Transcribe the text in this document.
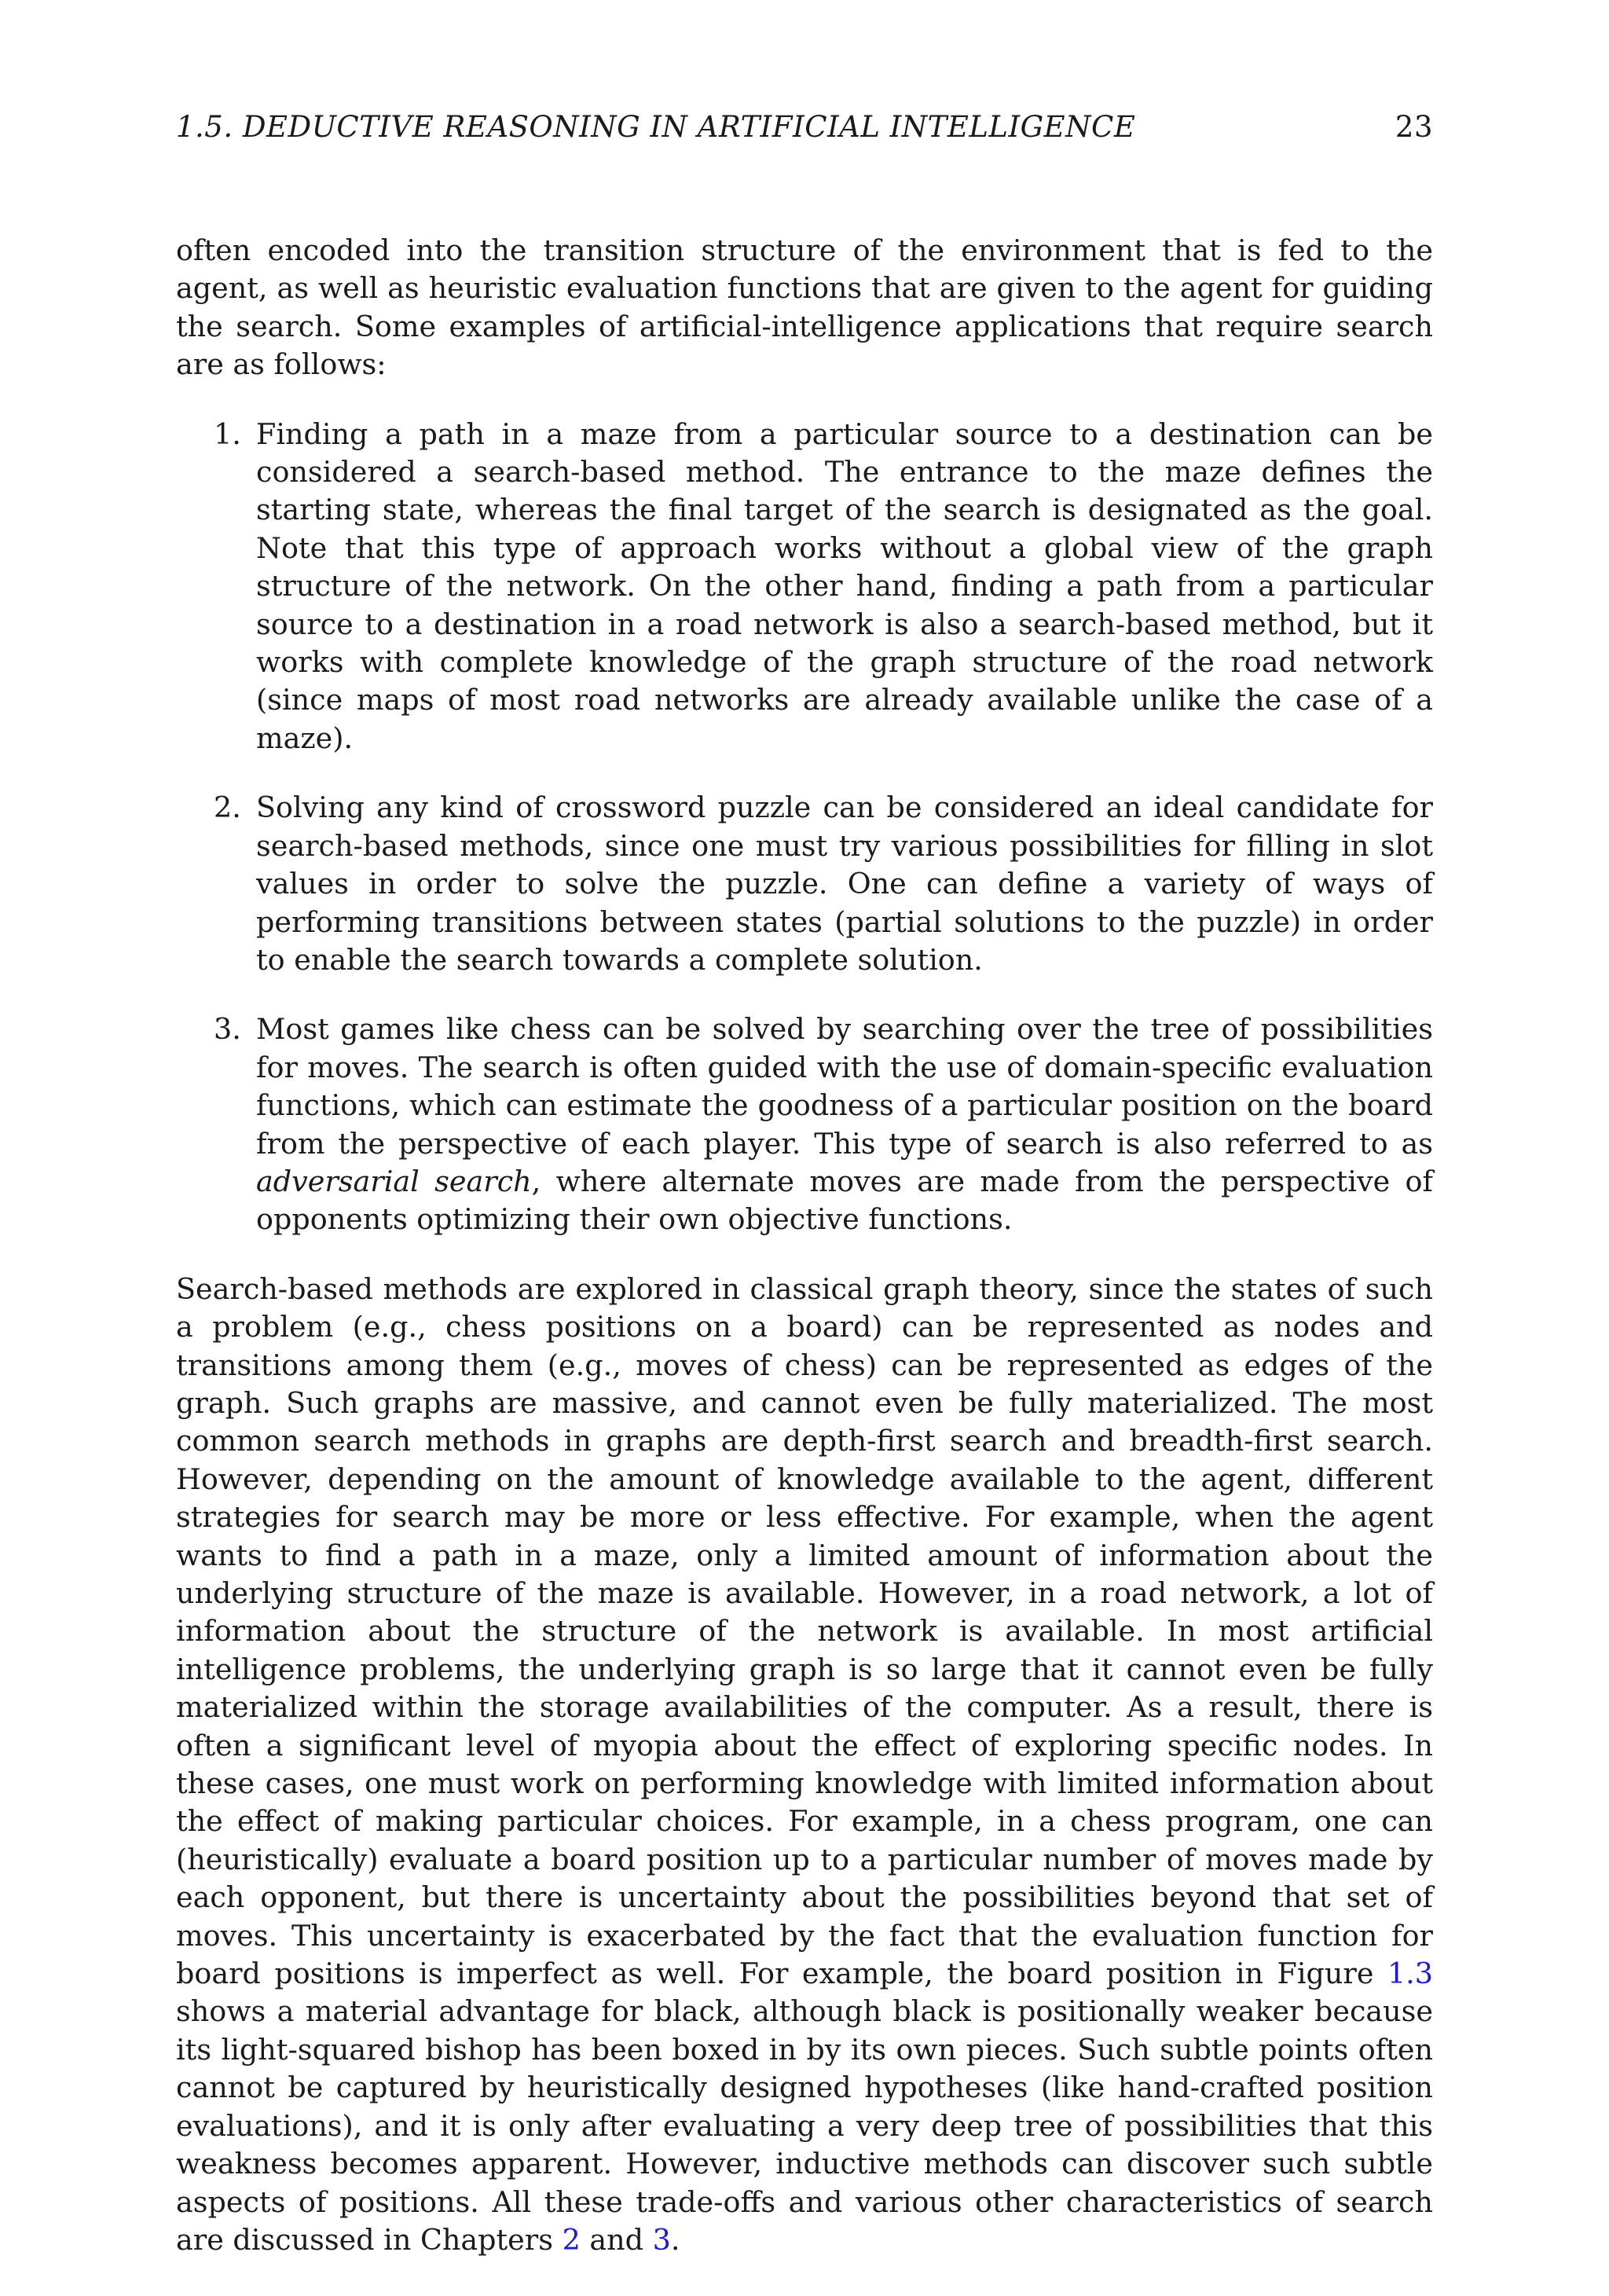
1.5. DEDUCTIVE REASONING IN ARTIFICIAL INTELLIGENCE	23

often encoded into the transition structure of the environment that is fed to the agent, as well as heuristic evaluation functions that are given to the agent for guiding the search. Some examples of artificial-intelligence applications that require search are as follows:

1. Finding a path in a maze from a particular source to a destination can be considered a search-based method. The entrance to the maze defines the starting state, whereas the final target of the search is designated as the goal. Note that this type of approach works without a global view of the graph structure of the network. On the other hand, finding a path from a particular source to a destination in a road network is also a search-based method, but it works with complete knowledge of the graph structure of the road network (since maps of most road networks are already available unlike the case of a maze).
2. Solving any kind of crossword puzzle can be considered an ideal candidate for search-based methods, since one must try various possibilities for filling in slot values in order to solve the puzzle. One can define a variety of ways of performing transitions between states (partial solutions to the puzzle) in order to enable the search towards a complete solution.
3. Most games like chess can be solved by searching over the tree of possibilities for moves. The search is often guided with the use of domain-specific evaluation functions, which can estimate the goodness of a particular position on the board from the perspective of each player. This type of search is also referred to as adversarial search, where alternate moves are made from the perspective of opponents optimizing their own objective functions.

Search-based methods are explored in classical graph theory, since the states of such a problem (e.g., chess positions on a board) can be represented as nodes and transitions among them (e.g., moves of chess) can be represented as edges of the graph. Such graphs are massive, and cannot even be fully materialized. The most common search methods in graphs are depth-first search and breadth-first search. However, depending on the amount of knowledge available to the agent, different strategies for search may be more or less effective. For example, when the agent wants to find a path in a maze, only a limited amount of information about the underlying structure of the maze is available. However, in a road network, a lot of information about the structure of the network is available. In most artificial intelligence problems, the underlying graph is so large that it cannot even be fully materialized within the storage availabilities of the computer. As a result, there is often a significant level of myopia about the effect of exploring specific nodes. In these cases, one must work on performing knowledge with limited information about the effect of making particular choices. For example, in a chess program, one can (heuristically) evaluate a board position up to a particular number of moves made by each opponent, but there is uncertainty about the possibilities beyond that set of moves. This uncertainty is exacerbated by the fact that the evaluation function for board positions is imperfect as well. For example, the board position in Figure 1.3 shows a material advantage for black, although black is positionally weaker because its light-squared bishop has been boxed in by its own pieces. Such subtle points often cannot be captured by heuristically designed hypotheses (like hand-crafted position evaluations), and it is only after evaluating a very deep tree of possibilities that this weakness becomes apparent. However, inductive methods can discover such subtle aspects of positions. All these trade-offs and various other characteristics of search are discussed in Chapters 2 and 3.
